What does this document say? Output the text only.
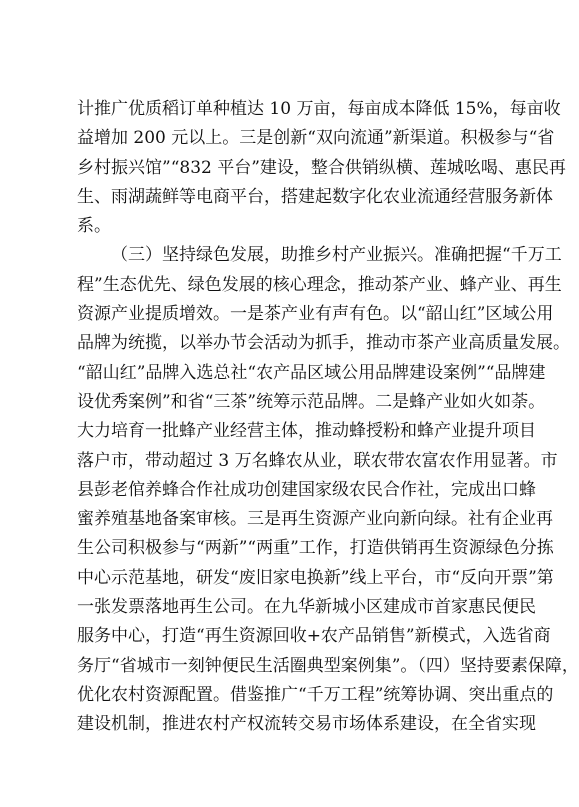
计推广优质稻订单种植达 10 万亩，每亩成本降低 15%，每亩收
益增加 200 元以上。三是创新“双向流通”新渠道。积极参与“省
乡村振兴馆”“832 平台”建设，整合供销纵横、莲城吆喝、惠民再
生、雨湖蔬鲜等电商平台，搭建起数字化农业流通经营服务新体
系。
（三）坚持绿色发展，助推乡村产业振兴。准确把握“千万工
程”生态优先、绿色发展的核心理念，推动茶产业、蜂产业、再生
资源产业提质增效。一是茶产业有声有色。以“韶山红”区域公用
品牌为统揽，以举办节会活动为抓手，推动市茶产业高质量发展。
“韶山红”品牌入选总社“农产品区域公用品牌建设案例”“品牌建
设优秀案例”和省“三茶”统筹示范品牌。二是蜂产业如火如荼。
大力培育一批蜂产业经营主体，推动蜂授粉和蜂产业提升项目
落户市，带动超过 3 万名蜂农从业，联农带农富农作用显著。市
县彭老倌养蜂合作社成功创建国家级农民合作社，完成出口蜂
蜜养殖基地备案审核。三是再生资源产业向新向绿。社有企业再
生公司积极参与“两新”“两重”工作，打造供销再生资源绿色分拣
中心示范基地，研发“废旧家电换新”线上平台，市“反向开票”第
一张发票落地再生公司。在九华新城小区建成市首家惠民便民
服务中心，打造“再生资源回收+农产品销售”新模式，入选省商
务厅“省城市一刻钟便民生活圈典型案例集”。（四）坚持要素保障，
优化农村资源配置。借鉴推广“千万工程”统筹协调、突出重点的
建设机制，推进农村产权流转交易市场体系建设，在全省实现
